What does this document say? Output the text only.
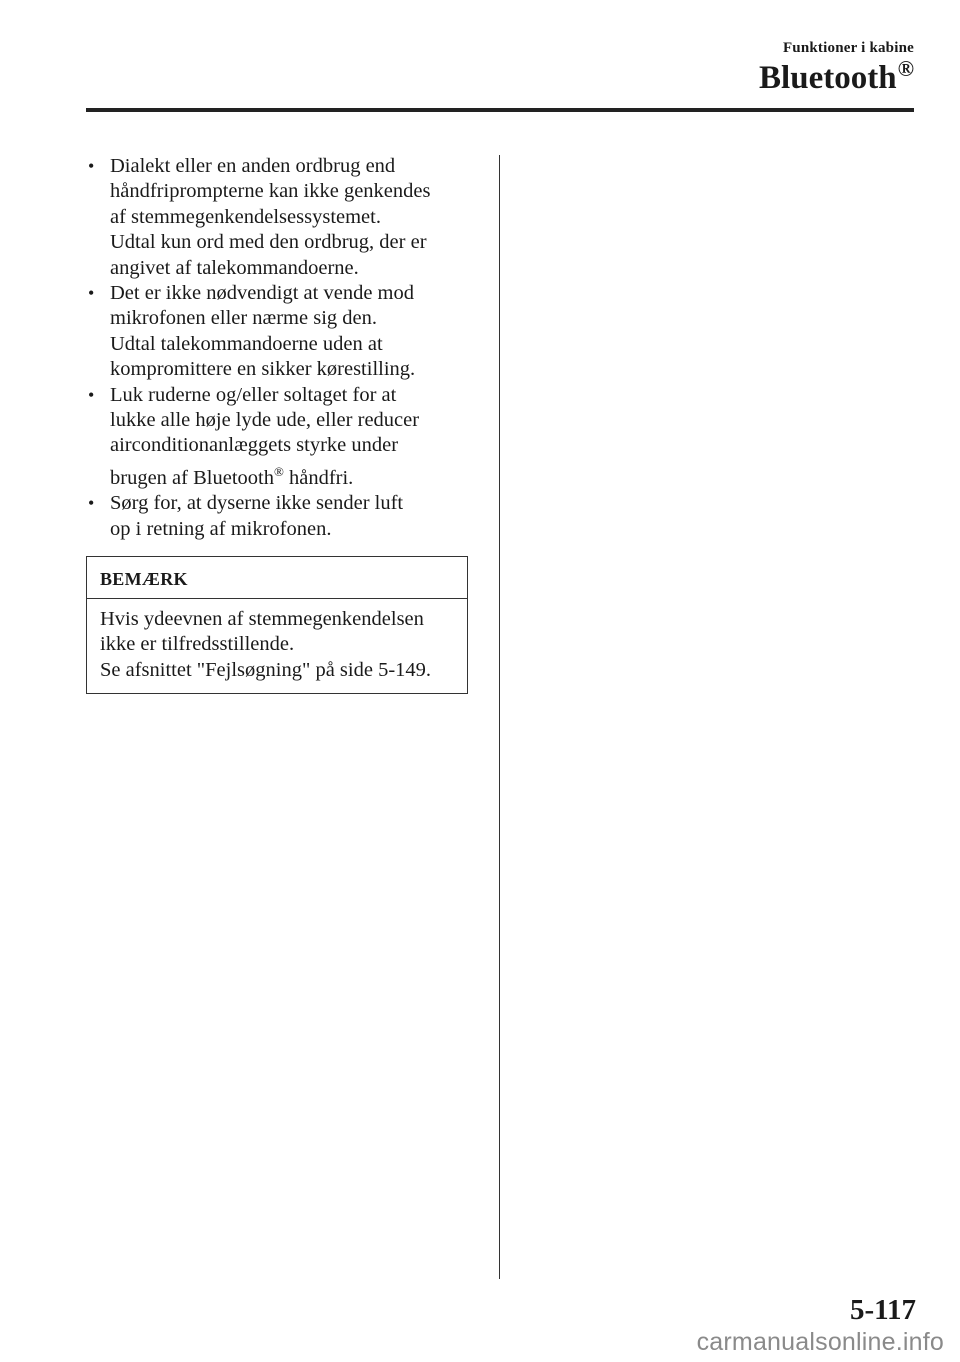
Funktioner i kabine
Bluetooth®
• Dialekt eller en anden ordbrug end
håndfriprompterne kan ikke genkendes
af stemmegenkendelsessystemet.
Udtal kun ord med den ordbrug, der er
angivet af talekommandoerne.
• Det er ikke nødvendigt at vende mod
mikrofonen eller nærme sig den.
Udtal talekommandoerne uden at
kompromittere en sikker kørestilling.
• Luk ruderne og/eller soltaget for at
lukke alle høje lyde ude, eller reducer
airconditionanlæggets styrke under
brugen af Bluetooth® håndfri.
• Sørg for, at dyserne ikke sender luft
op i retning af mikrofonen.
BEMÆRK
Hvis ydeevnen af stemmegenkendelsen
ikke er tilfredsstillende.
Se afsnittet "Fejlsøgning" på side 5-149.
5-117
carmanualsonline.info
